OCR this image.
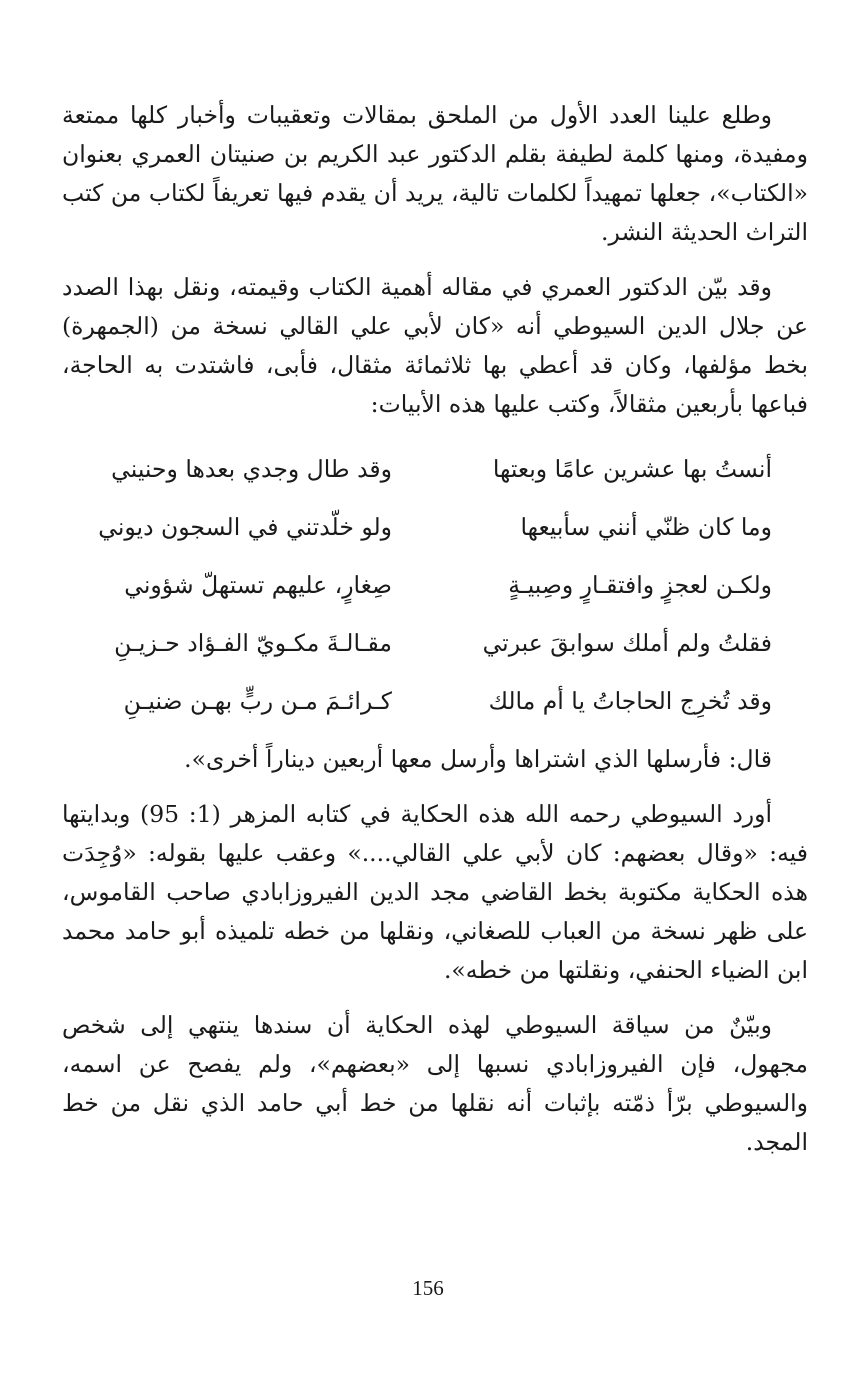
وطلع علينا العدد الأول من الملحق بمقالات وتعقيبات وأخبار كلها ممتعة ومفيدة، ومنها كلمة لطيفة بقلم الدكتور عبد الكريم بن صنيتان العمري بعنوان «الكتاب»، جعلها تمهيداً لكلمات تالية، يريد أن يقدم فيها تعريفاً لكتاب من كتب التراث الحديثة النشر.

وقد بيّن الدكتور العمري في مقاله أهمية الكتاب وقيمته، ونقل بهذا الصدد عن جلال الدين السيوطي أنه «كان لأبي علي القالي نسخة من (الجمهرة) بخط مؤلفها، وكان قد أعطي بها ثلاثمائة مثقال، فأبى، فاشتدت به الحاجة، فباعها بأربعين مثقالاً، وكتب عليها هذه الأبيات:

أنستُ بها عشرين عامًا وبعتها
وقد طال وجدي بعدها وحنيني
وما كان ظنّي أنني سأبيعها
ولو خلّدتني في السجون ديوني
ولكـن لعجزٍ وافتقـارٍ وصِبيـةٍ
صِغارٍ، عليهم تستهلّ شؤوني
فقلتُ ولم أملك سوابقَ عبرتي
مقـالـةَ مكـويّ الفـؤاد حـزيـنِ
وقد تُخرِج الحاجاتُ يا أم مالك
كـرائـمَ مـن ربٍّ بهـن ضنيـنِ

قال: فأرسلها الذي اشتراها وأرسل معها أربعين ديناراً أخرى».

أورد السيوطي رحمه الله هذه الحكاية في كتابه المزهر (1: 95) وبدايتها فيه: «وقال بعضهم: كان لأبي علي القالي....» وعقب عليها بقوله: «وُجِدَت هذه الحكاية مكتوبة بخط القاضي مجد الدين الفيروزابادي صاحب القاموس، على ظهر نسخة من العباب للصغاني، ونقلها من خطه تلميذه أبو حامد محمد ابن الضياء الحنفي، ونقلتها من خطه».

وبيّنٌ من سياقة السيوطي لهذه الحكاية أن سندها ينتهي إلى شخص مجهول، فإن الفيروزابادي نسبها إلى «بعضهم»، ولم يفصح عن اسمه، والسيوطي برّأ ذمّته بإثبات أنه نقلها من خط أبي حامد الذي نقل من خط المجد.

156
